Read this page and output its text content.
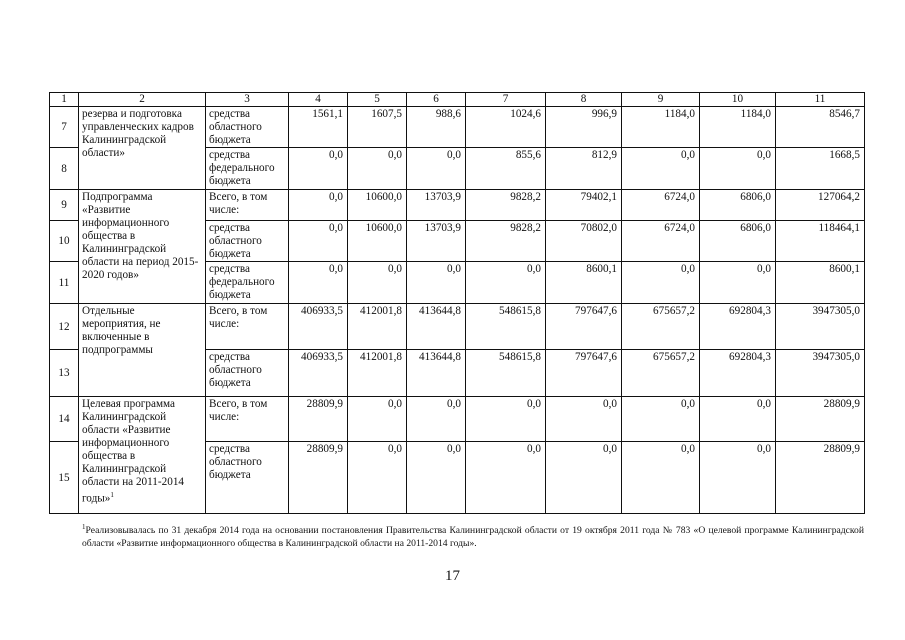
1	2	3	4	5	6	7	8	9	10	11
7	резерва и подготовка управленческих кадров Калининградской области»	средства областного бюджета	1561,1	1607,5	988,6	1024,6	996,9	1184,0	1184,0	8546,7
8		средства федерального бюджета	0,0	0,0	0,0	855,6	812,9	0,0	0,0	1668,5
9	Подпрограмма «Развитие информационного общества в Калининградской области на период 2015-2020 годов»	Всего, в том числе:	0,0	10600,0	13703,9	9828,2	79402,1	6724,0	6806,0	127064,2
10		средства областного бюджета	0,0	10600,0	13703,9	9828,2	70802,0	6724,0	6806,0	118464,1
11		средства федерального бюджета	0,0	0,0	0,0	0,0	8600,1	0,0	0,0	8600,1
12	Отдельные мероприятия, не включенные в подпрограммы	Всего, в том числе:	406933,5	412001,8	413644,8	548615,8	797647,6	675657,2	692804,3	3947305,0
13		средства областного бюджета	406933,5	412001,8	413644,8	548615,8	797647,6	675657,2	692804,3	3947305,0
14	Целевая программа Калининградской области «Развитие информационного общества в Калининградской области на 2011-2014 годы»$^1$	Всего, в том числе:	28809,9	0,0	0,0	0,0	0,0	0,0	0,0	28809,9
15		средства областного бюджета	28809,9	0,0	0,0	0,0	0,0	0,0	0,0	28809,9
$^1$Реализовывалась по 31 декабря 2014 года на основании постановления Правительства Калининградской области от 19 октября 2011 года № 783 «О целевой программе Калининградской области «Развитие информационного общества в Калининградской области на 2011-2014 годы».
17
